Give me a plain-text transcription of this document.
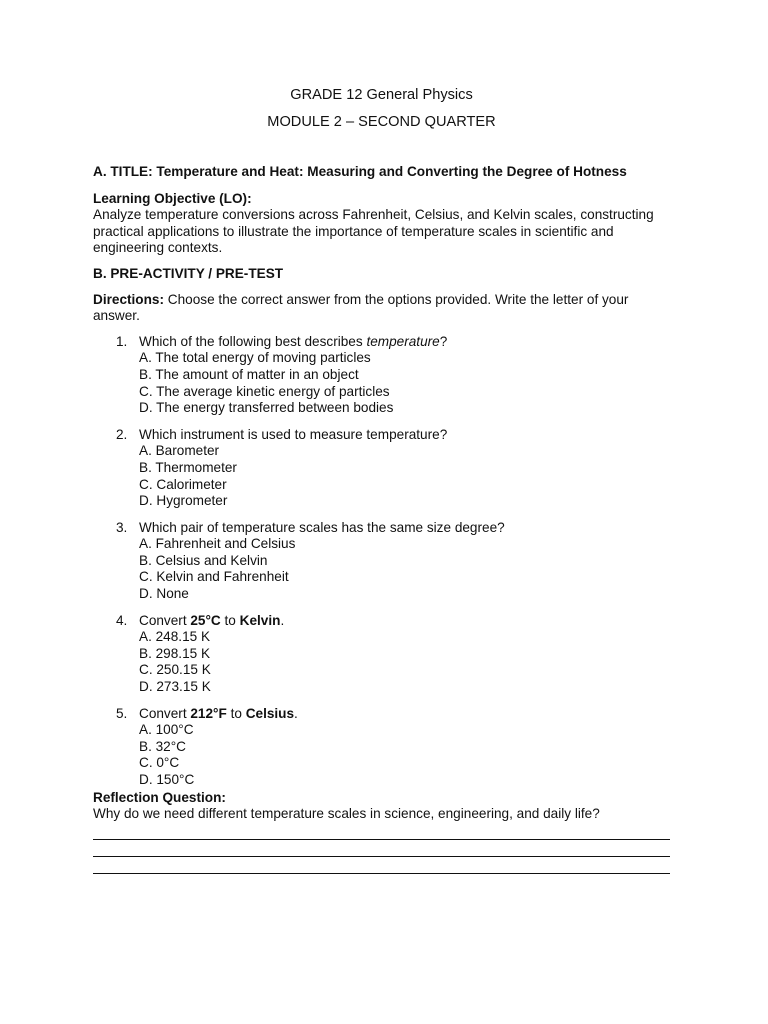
GRADE 12 General Physics
MODULE 2 – SECOND QUARTER

A. TITLE: Temperature and Heat: Measuring and Converting the Degree of Hotness

Learning Objective (LO):

Analyze temperature conversions across Fahrenheit, Celsius, and Kelvin scales, constructing practical applications to illustrate the importance of temperature scales in scientific and engineering contexts.

B. PRE-ACTIVITY / PRE-TEST

Directions: Choose the correct answer from the options provided. Write the letter of your answer.

1. Which of the following best describes temperature?
A. The total energy of moving particles
B. The amount of matter in an object
C. The average kinetic energy of particles
D. The energy transferred between bodies
2. Which instrument is used to measure temperature?
A. Barometer
B. Thermometer
C. Calorimeter
D. Hygrometer
3. Which pair of temperature scales has the same size degree?
A. Fahrenheit and Celsius
B. Celsius and Kelvin
C. Kelvin and Fahrenheit
D. None
4. Convert 25°C to Kelvin.
A. 248.15 K
B. 298.15 K
C. 250.15 K
D. 273.15 K
5. Convert 212°F to Celsius.
A. 100°C
B. 32°C
C. 0°C
D. 150°C

Reflection Question:

Why do we need different temperature scales in science, engineering, and daily life?
